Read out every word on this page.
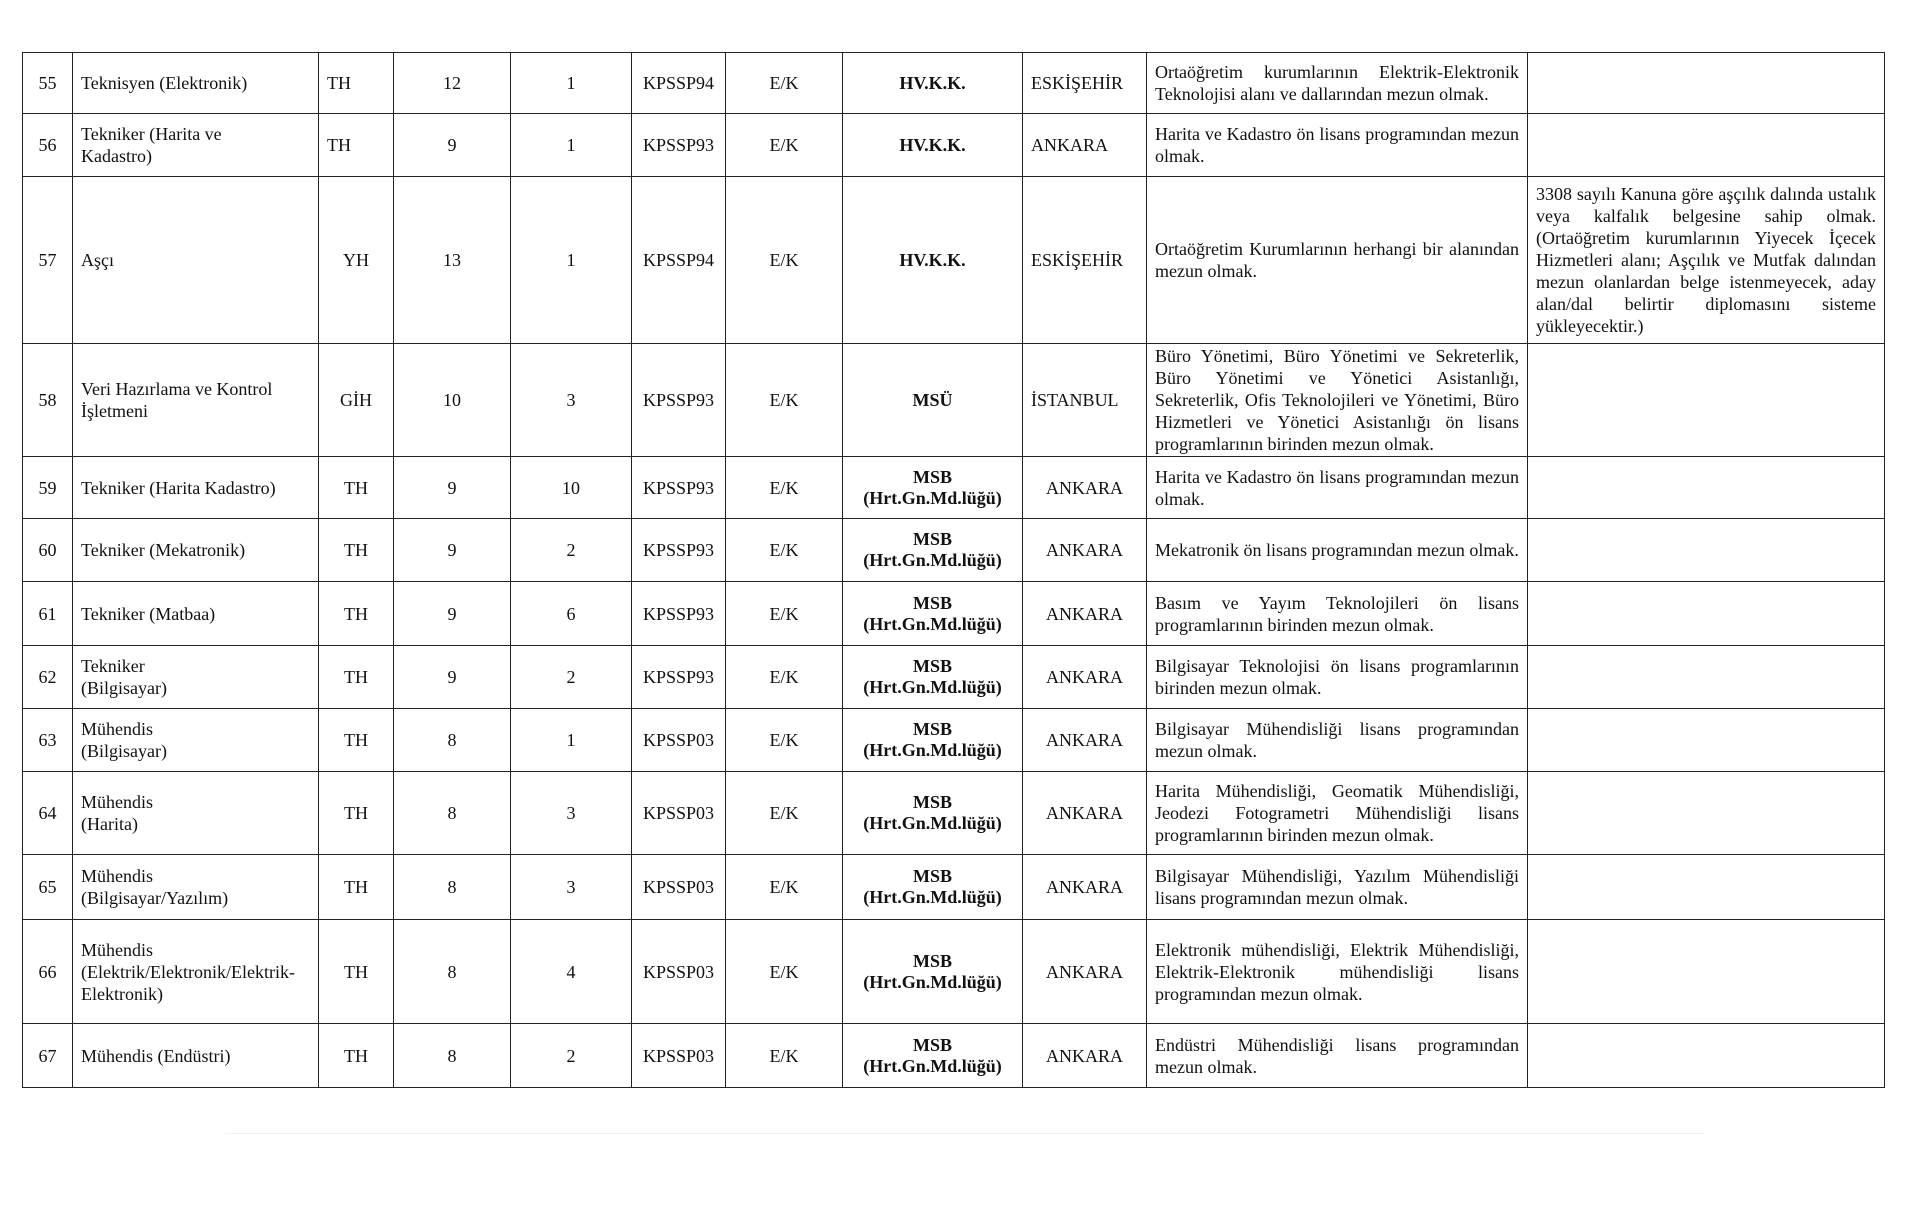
55	Teknisyen (Elektronik)	TH	12	1	KPSSP94	E/K	HV.K.K.	ESKİŞEHİR	Ortaöğretim kurumlarının Elektrik-Elektronik Teknolojisi alanı ve dallarından mezun olmak.	
56	Tekniker (Harita ve
Kadastro)	TH	9	1	KPSSP93	E/K	HV.K.K.	ANKARA	Harita ve Kadastro ön lisans programından mezun olmak.	
57	Aşçı	YH	13	1	KPSSP94	E/K	HV.K.K.	ESKİŞEHİR	Ortaöğretim Kurumlarının herhangi bir alanından mezun olmak.	3308 sayılı Kanuna göre aşçılık dalında ustalık veya kalfalık belgesine sahip olmak. (Ortaöğretim kurumlarının Yiyecek İçecek Hizmetleri alanı; Aşçılık ve Mutfak dalından mezun olanlardan belge istenmeyecek, aday alan/dal belirtir diplomasını sisteme yükleyecektir.)
58	Veri Hazırlama ve Kontrol
İşletmeni	GİH	10	3	KPSSP93	E/K	MSÜ	İSTANBUL	Büro Yönetimi, Büro Yönetimi ve Sekreterlik, Büro Yönetimi ve Yönetici Asistanlığı, Sekreterlik, Ofis Teknolojileri ve Yönetimi, Büro Hizmetleri ve Yönetici Asistanlığı ön lisans programlarının birinden mezun olmak.	
59	Tekniker (Harita Kadastro)	TH	9	10	KPSSP93	E/K	MSB
(Hrt.Gn.Md.lüğü)	ANKARA	Harita ve Kadastro ön lisans programından mezun olmak.	
60	Tekniker (Mekatronik)	TH	9	2	KPSSP93	E/K	MSB
(Hrt.Gn.Md.lüğü)	ANKARA	Mekatronik ön lisans programından mezun olmak.	
61	Tekniker (Matbaa)	TH	9	6	KPSSP93	E/K	MSB
(Hrt.Gn.Md.lüğü)	ANKARA	Basım ve Yayım Teknolojileri ön lisans programlarının birinden mezun olmak.	
62	Tekniker
(Bilgisayar)	TH	9	2	KPSSP93	E/K	MSB
(Hrt.Gn.Md.lüğü)	ANKARA	Bilgisayar Teknolojisi ön lisans programlarının birinden mezun olmak.	
63	Mühendis
(Bilgisayar)	TH	8	1	KPSSP03	E/K	MSB
(Hrt.Gn.Md.lüğü)	ANKARA	Bilgisayar Mühendisliği lisans programından mezun olmak.	
64	Mühendis
(Harita)	TH	8	3	KPSSP03	E/K	MSB
(Hrt.Gn.Md.lüğü)	ANKARA	Harita Mühendisliği, Geomatik Mühendisliği, Jeodezi Fotogrametri Mühendisliği lisans programlarının birinden mezun olmak.	
65	Mühendis
(Bilgisayar/Yazılım)	TH	8	3	KPSSP03	E/K	MSB
(Hrt.Gn.Md.lüğü)	ANKARA	Bilgisayar Mühendisliği, Yazılım Mühendisliği lisans programından mezun olmak.	
66	Mühendis
(Elektrik/Elektronik/Elektrik-
Elektronik)	TH	8	4	KPSSP03	E/K	MSB
(Hrt.Gn.Md.lüğü)	ANKARA	Elektronik mühendisliği, Elektrik Mühendisliği, Elektrik-Elektronik mühendisliği lisans programından mezun olmak.	
67	Mühendis (Endüstri)	TH	8	2	KPSSP03	E/K	MSB
(Hrt.Gn.Md.lüğü)	ANKARA	Endüstri Mühendisliği lisans programından mezun olmak.	
